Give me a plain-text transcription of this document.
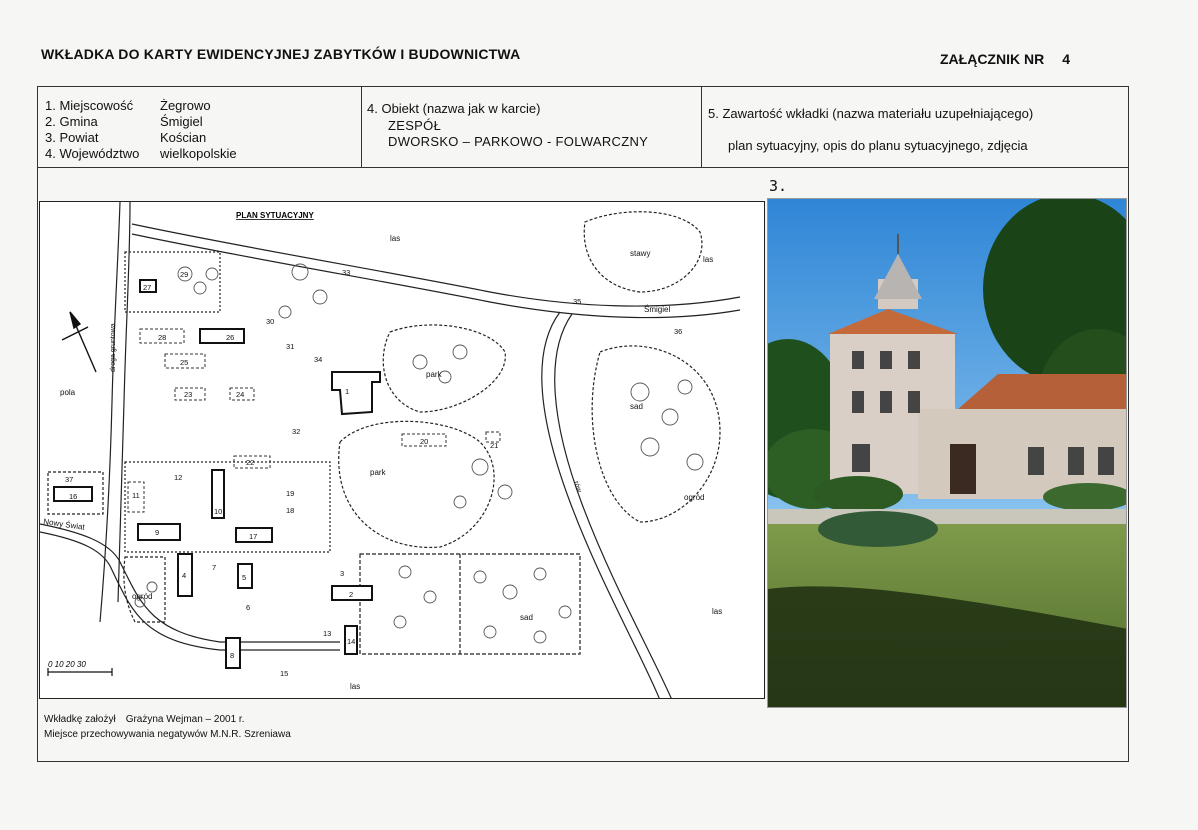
WKŁADKA DO KARTY EWIDENCYJNEJ ZABYTKÓW I BUDOWNICTWA	ZAŁĄCZNIK NR 4
1. Miejscowość	Żegrowo
2. Gmina	Śmigiel
3. Powiat	Kościan
4. Województwo	wielkopolskie
4. Obiekt (nazwa jak w karcie)
ZESPÓŁ
DWORSKO – PARKOWO - FOLWARCZNY
5. Zawartość wkładki (nazwa materiału uzupełniającego)
plan sytuacyjny, opis do planu sytuacyjnego, zdjęcia
3.
0 10 20 30
PLAN SYTUACYJNY
las
stawy
las
Śmigiel
pola
droga gruntowa
park
park
sad
sad
ogród
ogród
rów
las
las
Nowy Świat
1
2
3
4	5
6
7
8
9
10
11
12
13
14
15
16
17
18
19
20	21
22
23	24
25
26
27
28
29
30
31
32
33
34
35
36
37
Wkładkę założył Grażyna Wejman – 2001 r.
Miejsce przechowywania negatywów M.N.R. Szreniawa
